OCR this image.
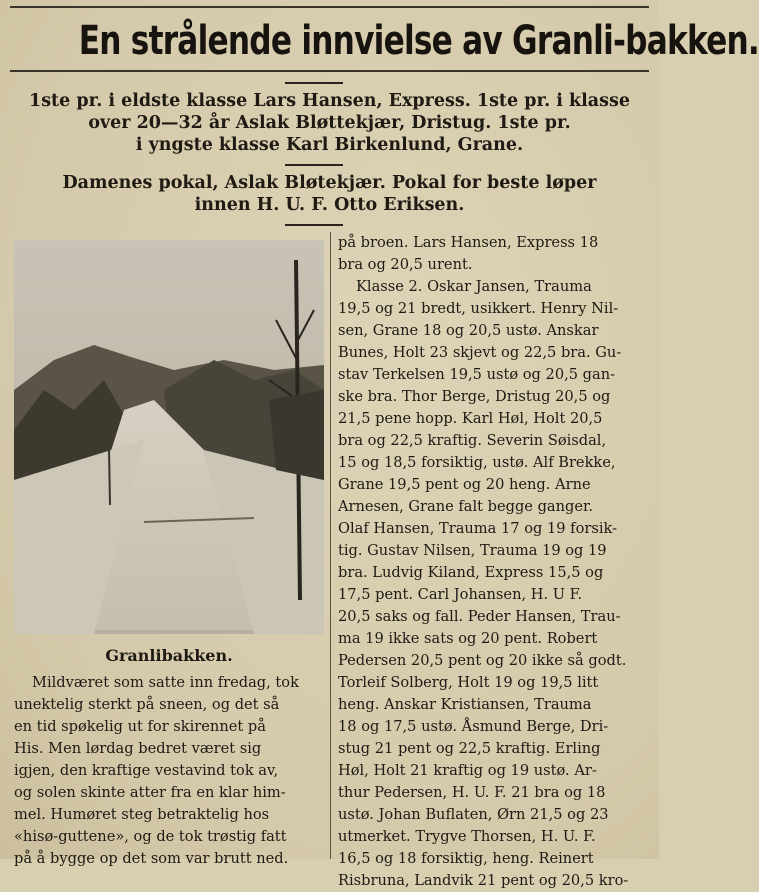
En strålende innvielse av Granli-bakken.
1ste pr. i eldste klasse Lars Hansen, Express. 1ste pr. i klasse
over 20—32 år Aslak Bløttekjær, Dristug. 1ste pr.
i yngste klasse Karl Birkenlund, Grane.
Damenes pokal, Aslak Bløtekjær. Pokal for beste løper
innen H. U. F. Otto Eriksen.
Granlibakken.
Mildværet som satte inn fredag, tok
unektelig sterkt på sneen, og det så
en tid spøkelig ut for skirennet på
His. Men lørdag bedret været sig
igjen, den kraftige vestavind tok av,
og solen skinte atter fra en klar him-
mel. Humøret steg betraktelig hos
«hisø-guttene», og de tok trøstig fatt
på å bygge op det som var brutt ned.
på broen. Lars Hansen, Express 18
bra og 20,5 urent.
Klasse 2. Oskar Jansen, Trauma
19,5 og 21 bredt, usikkert. Henry Nil-
sen, Grane 18 og 20,5 ustø. Anskar
Bunes, Holt 23 skjevt og 22,5 bra. Gu-
stav Terkelsen 19,5 ustø og 20,5 gan-
ske bra. Thor Berge, Dristug 20,5 og
21,5 pene hopp. Karl Høl, Holt 20,5
bra og 22,5 kraftig. Severin Søisdal,
15 og 18,5 forsiktig, ustø. Alf Brekke,
Grane 19,5 pent og 20 heng. Arne
Arnesen, Grane falt begge ganger.
Olaf Hansen, Trauma 17 og 19 forsik-
tig. Gustav Nilsen, Trauma 19 og 19
bra. Ludvig Kiland, Express 15,5 og
17,5 pent. Carl Johansen, H. U F.
20,5 saks og fall. Peder Hansen, Trau-
ma 19 ikke sats og 20 pent. Robert
Pedersen 20,5 pent og 20 ikke så godt.
Torleif Solberg, Holt 19 og 19,5 litt
heng. Anskar Kristiansen, Trauma
18 og 17,5 ustø. Åsmund Berge, Dri-
stug 21 pent og 22,5 kraftig. Erling
Høl, Holt 21 kraftig og 19 ustø. Ar-
thur Pedersen, H. U. F. 21 bra og 18
ustø. Johan Buflaten, Ørn 21,5 og 23
utmerket. Trygve Thorsen, H. U. F.
16,5 og 18 forsiktig, heng. Reinert
Risbruna, Landvik 21 pent og 20,5 kro-
